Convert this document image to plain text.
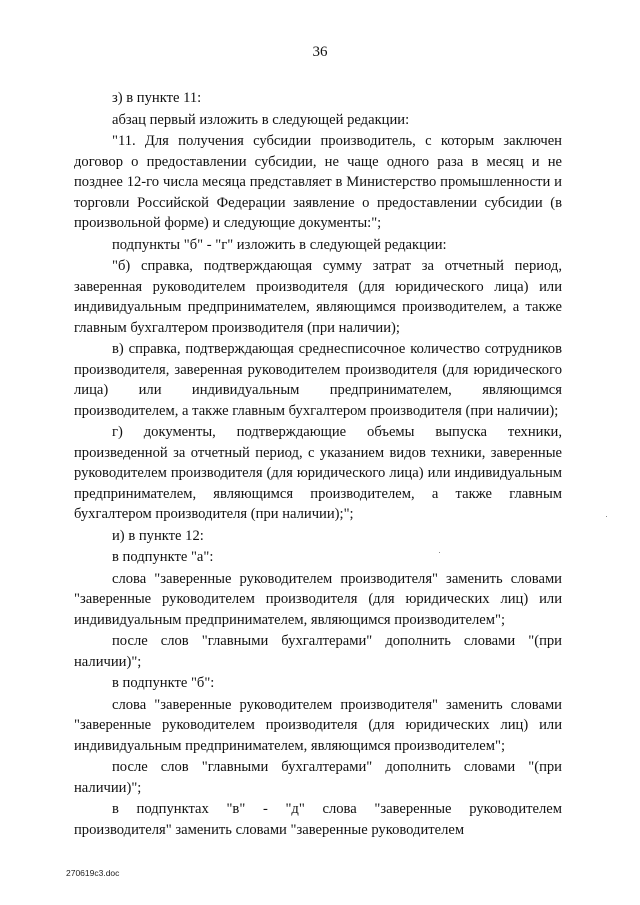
36

з) в пункте 11:

абзац первый изложить в следующей редакции:

"11. Для получения субсидии производитель, с которым заключен договор о предоставлении субсидии, не чаще одного раза в месяц и не позднее 12-го числа месяца представляет в Министерство промышленности и торговли Российской Федерации заявление о предоставлении субсидии (в произвольной форме) и следующие документы:";

подпункты "б" - "г" изложить в следующей редакции:

"б) справка, подтверждающая сумму затрат за отчетный период, заверенная руководителем производителя (для юридического лица) или индивидуальным предпринимателем, являющимся производителем, а также главным бухгалтером производителя (при наличии);

в) справка, подтверждающая среднесписочное количество сотрудников производителя, заверенная руководителем производителя (для юридического лица) или индивидуальным предпринимателем, являющимся производителем, а также главным бухгалтером производителя (при наличии);

г) документы, подтверждающие объемы выпуска техники, произведенной за отчетный период, с указанием видов техники, заверенные руководителем производителя (для юридического лица) или индивидуальным предпринимателем, являющимся производителем, а также главным бухгалтером производителя (при наличии);";

и) в пункте 12:

в подпункте "а":

слова "заверенные руководителем производителя" заменить словами "заверенные руководителем производителя (для юридических лиц) или индивидуальным предпринимателем, являющимся производителем";

после слов "главными бухгалтерами" дополнить словами "(при наличии)";

в подпункте "б":

слова "заверенные руководителем производителя" заменить словами "заверенные руководителем производителя (для юридических лиц) или индивидуальным предпринимателем, являющимся производителем";

после слов "главными бухгалтерами" дополнить словами "(при наличии)";

в подпунктах "в" - "д" слова "заверенные руководителем производителя" заменить словами "заверенные руководителем

270619c3.doc
